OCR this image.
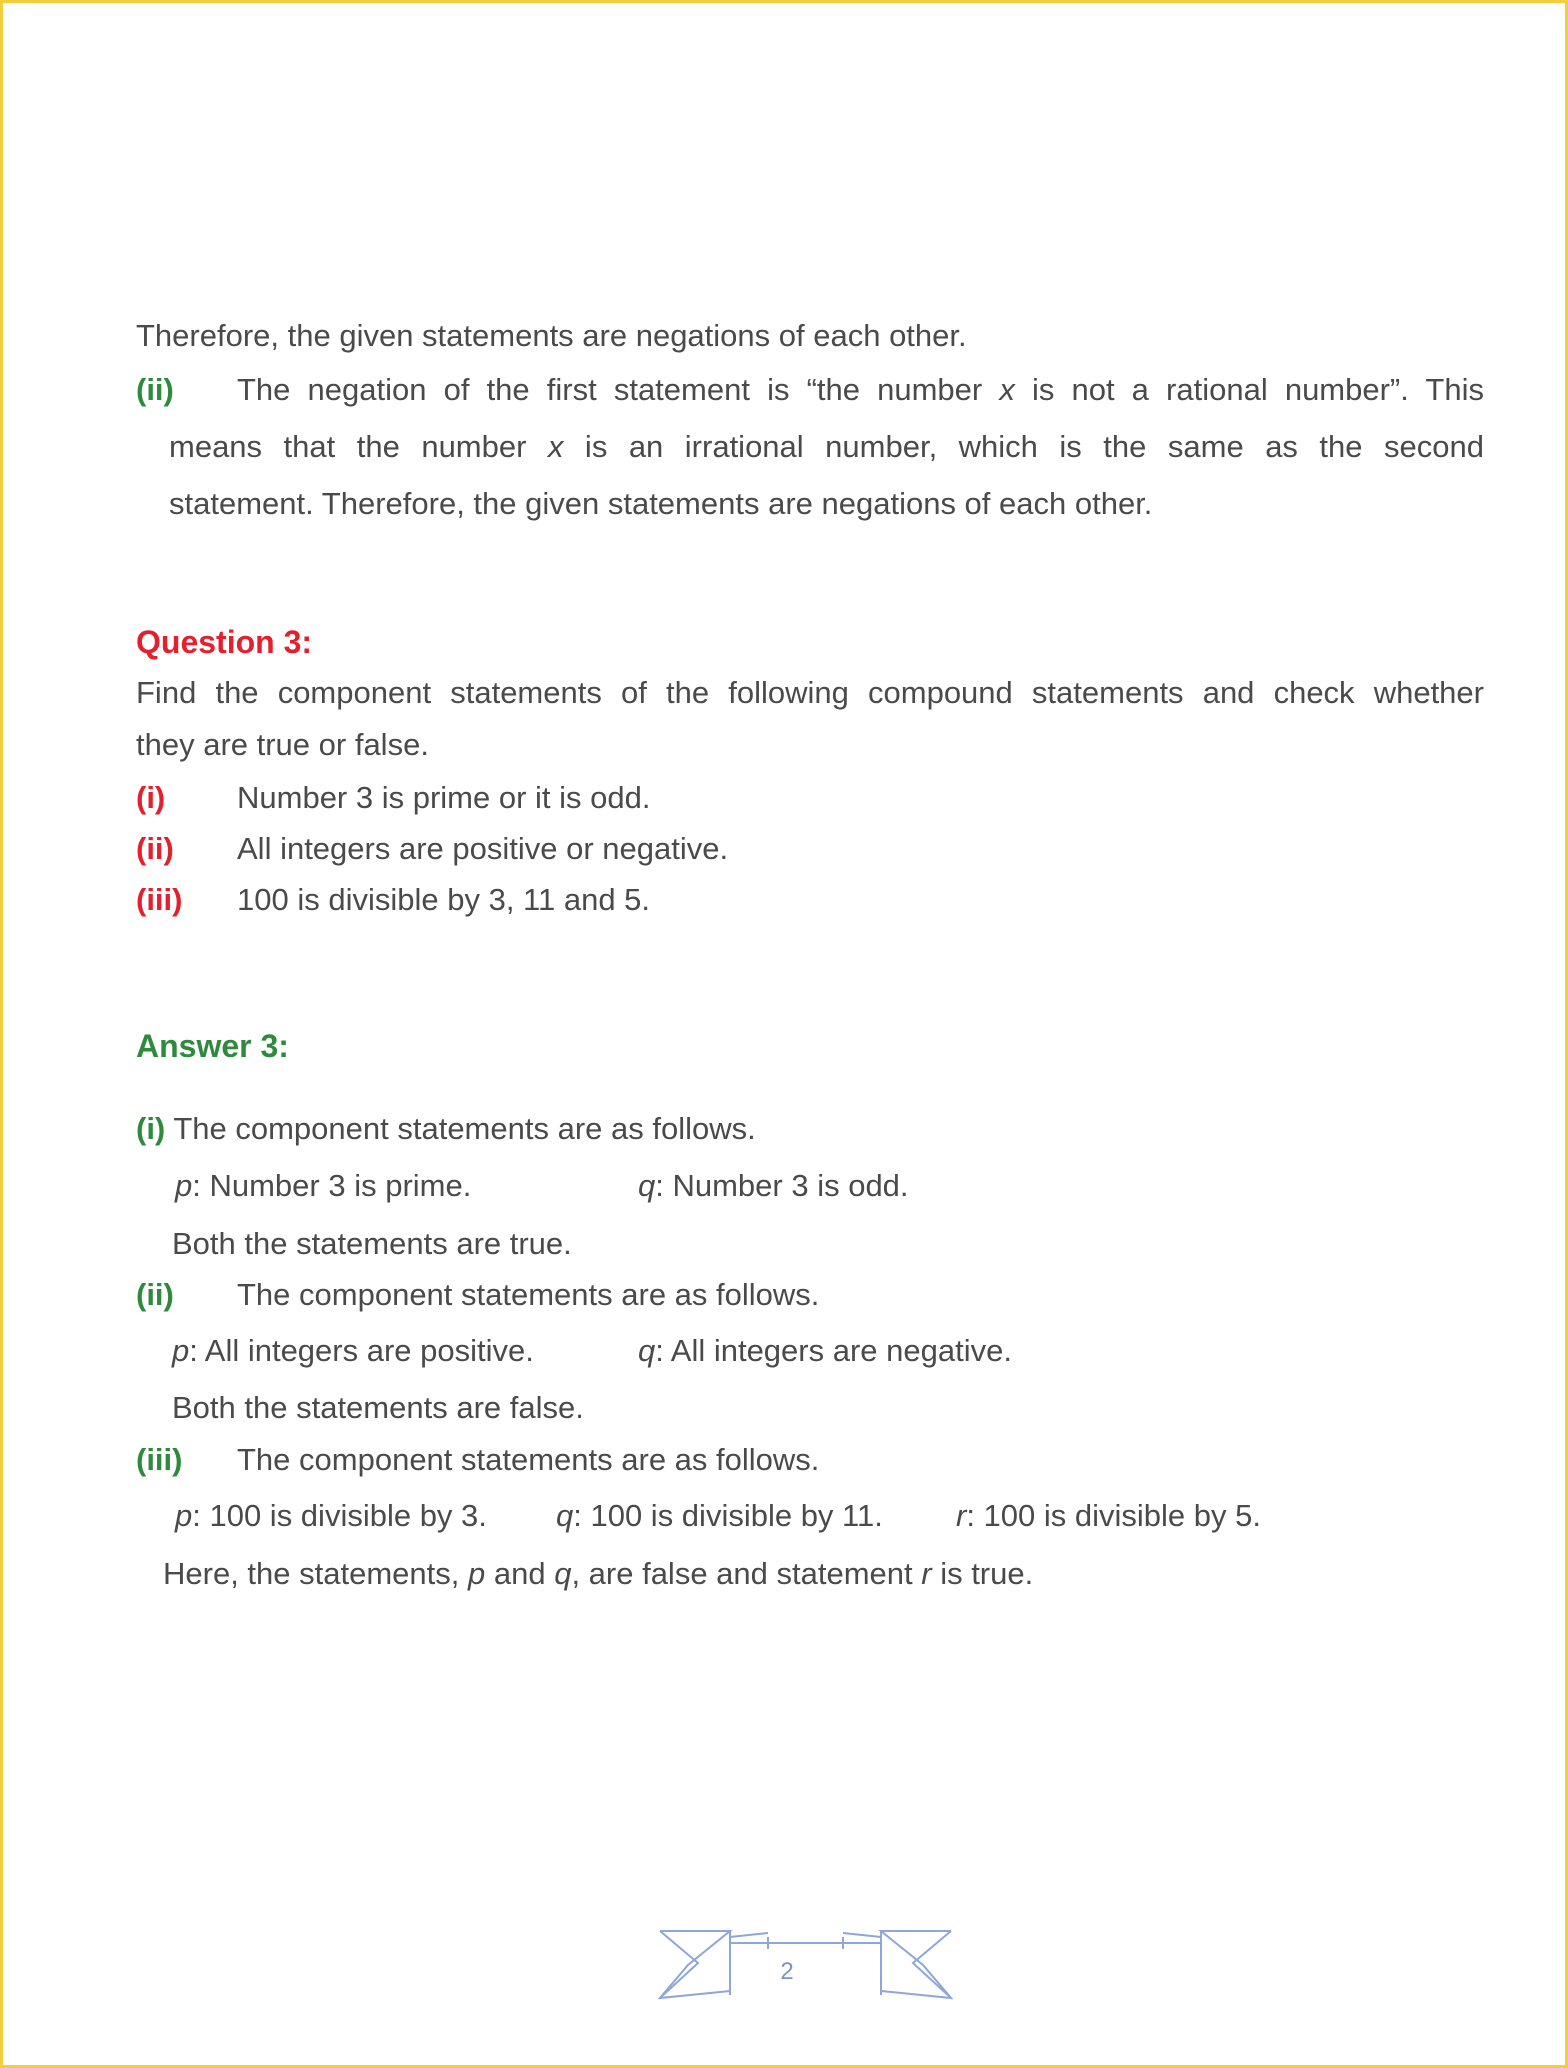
Therefore, the given statements are negations of each other.
(ii) The negation of the first statement is “the number x is not a rational number”. This
means that the number x is an irrational number, which is the same as the second
statement. Therefore, the given statements are negations of each other.
Question 3:
Find the component statements of the following compound statements and check whether
they are true or false.
(i) Number 3 is prime or it is odd.
(ii) All integers are positive or negative.
(iii) 100 is divisible by 3, 11 and 5.
Answer 3:
(i) The component statements are as follows.
p: Number 3 is prime.	q: Number 3 is odd.
Both the statements are true.
(ii) The component statements are as follows.
p: All integers are positive.	q: All integers are negative.
Both the statements are false.
(iii) The component statements are as follows.
p: 100 is divisible by 3. q: 100 is divisible by 11. r: 100 is divisible by 5.
Here, the statements, p and q, are false and statement r is true.
2
